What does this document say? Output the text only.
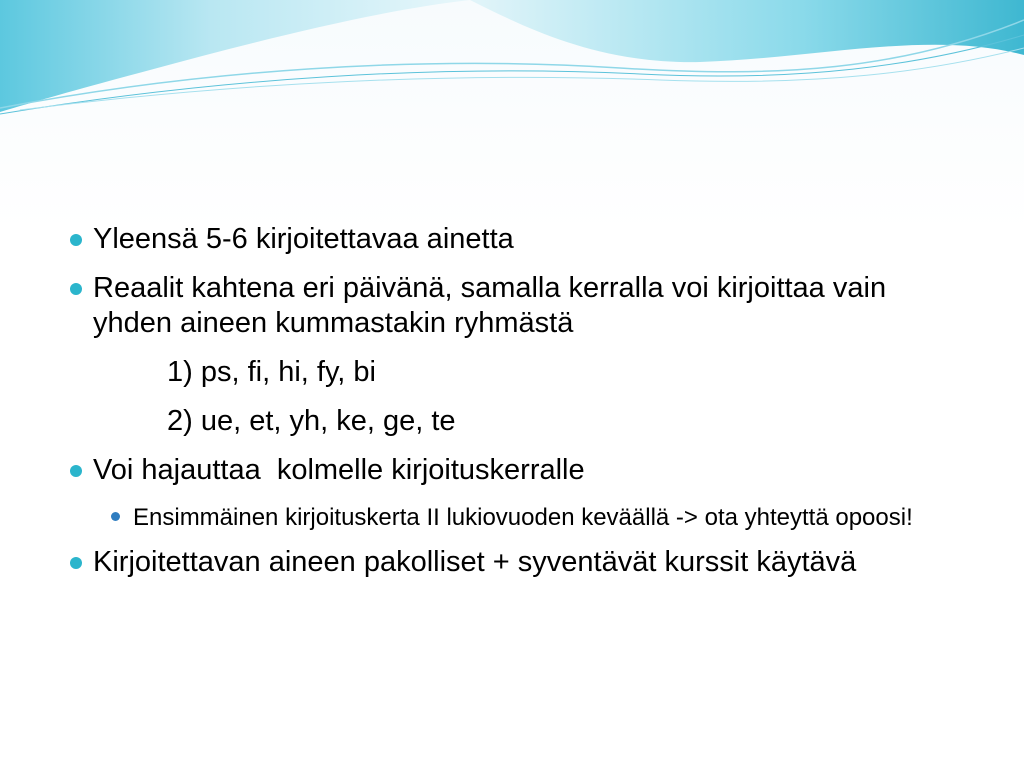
Yleensä 5-6 kirjoitettavaa ainetta
Reaalit kahtena eri päivänä, samalla kerralla voi kirjoittaa vain yhden aineen kummastakin ryhmästä
1) ps, fi, hi, fy, bi
2) ue, et, yh, ke, ge, te
Voi hajauttaa  kolmelle kirjoituskerralle
Ensimmäinen kirjoituskerta II lukiovuoden keväällä -> ota yhteyttä opoosi!
Kirjoitettavan aineen pakolliset + syventävät kurssit käytävä
